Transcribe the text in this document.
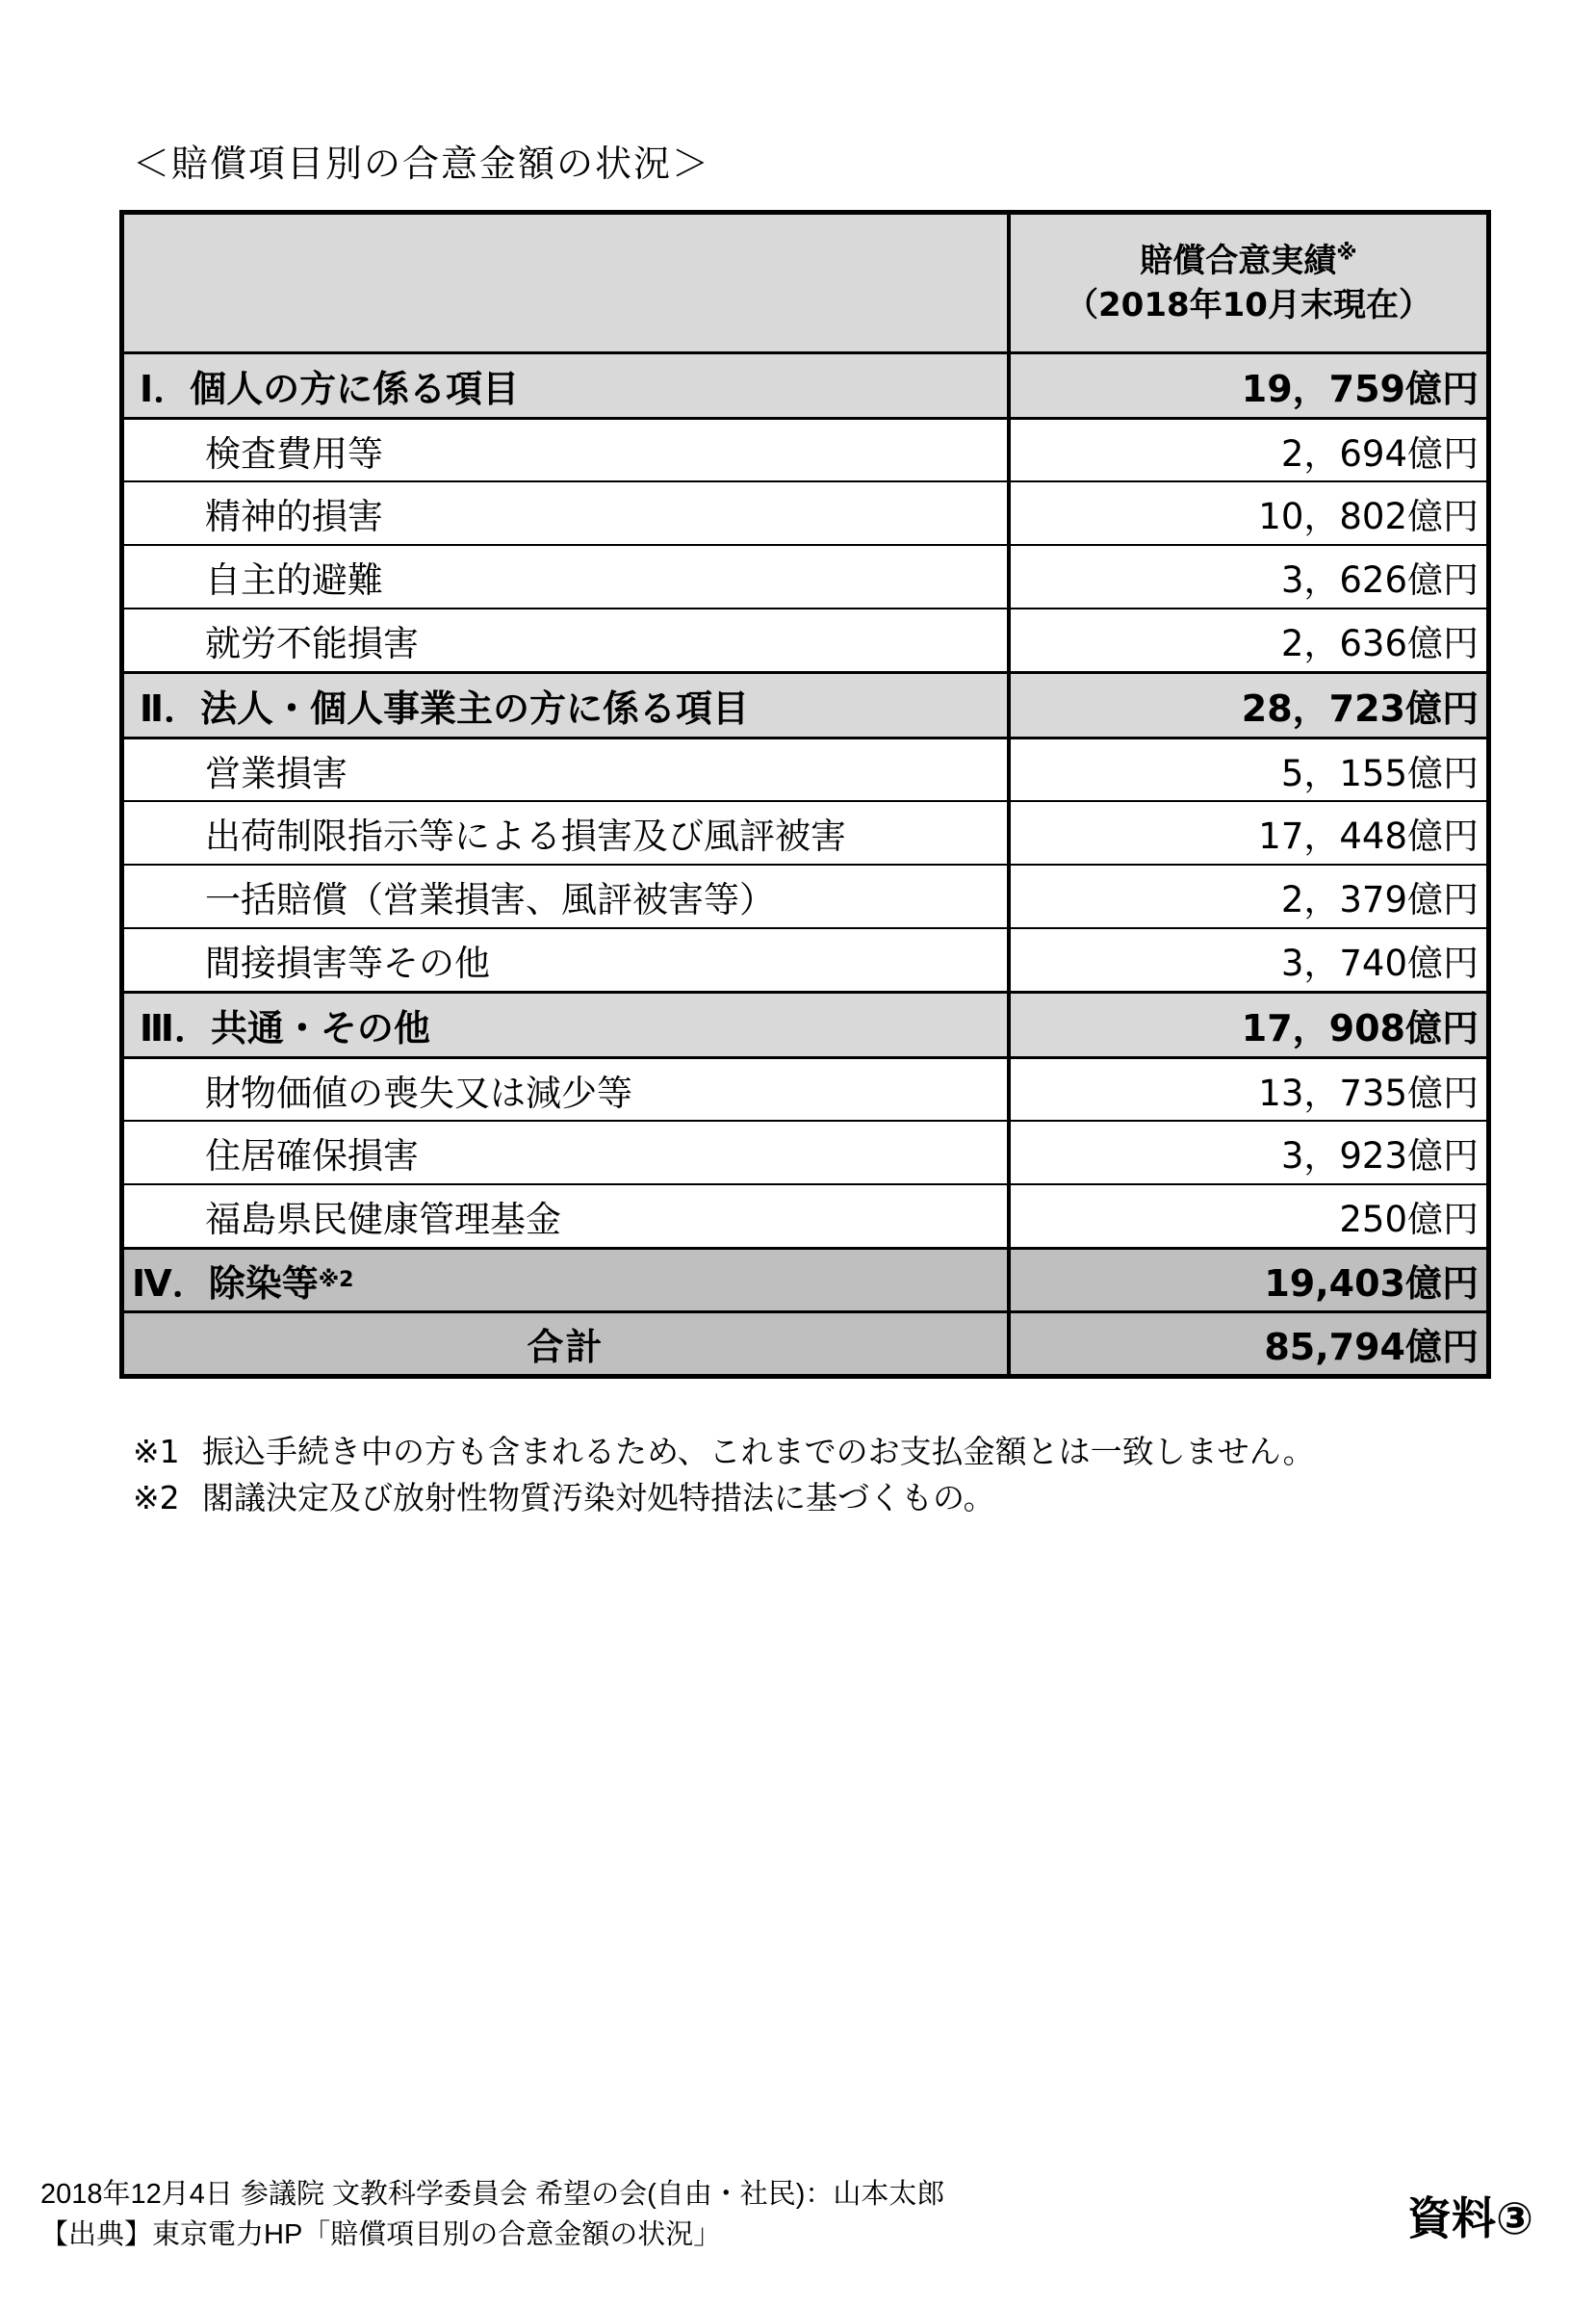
＜賠償項目別の合意金額の状況＞
賠償合意実績※
（2018年10月末現在）
Ⅰ．個人の方に係る項目	19，759億円
検査費用等	2，694億円
精神的損害	10，802億円
自主的避難	3，626億円
就労不能損害	2，636億円
Ⅱ．法人・個人事業主の方に係る項目	28，723億円
営業損害	5，155億円
出荷制限指示等による損害及び風評被害	17，448億円
一括賠償（営業損害、風評被害等）	2，379億円
間接損害等その他	3，740億円
Ⅲ．共通・その他	17，908億円
財物価値の喪失又は減少等	13，735億円
住居確保損害	3，923億円
福島県民健康管理基金	250億円
Ⅳ．除染等 ※2	19,403億円
合計	85,794億円
※1 振込手続き中の方も含まれるため、これまでのお支払金額とは一致しません。
※2 閣議決定及び放射性物質汚染対処特措法に基づくもの。
2018年12月4日 参議院 文教科学委員会 希望の会(自由・社民)：山本太郎
【出典】東京電力HP「賠償項目別の合意金額の状況」	資料③
